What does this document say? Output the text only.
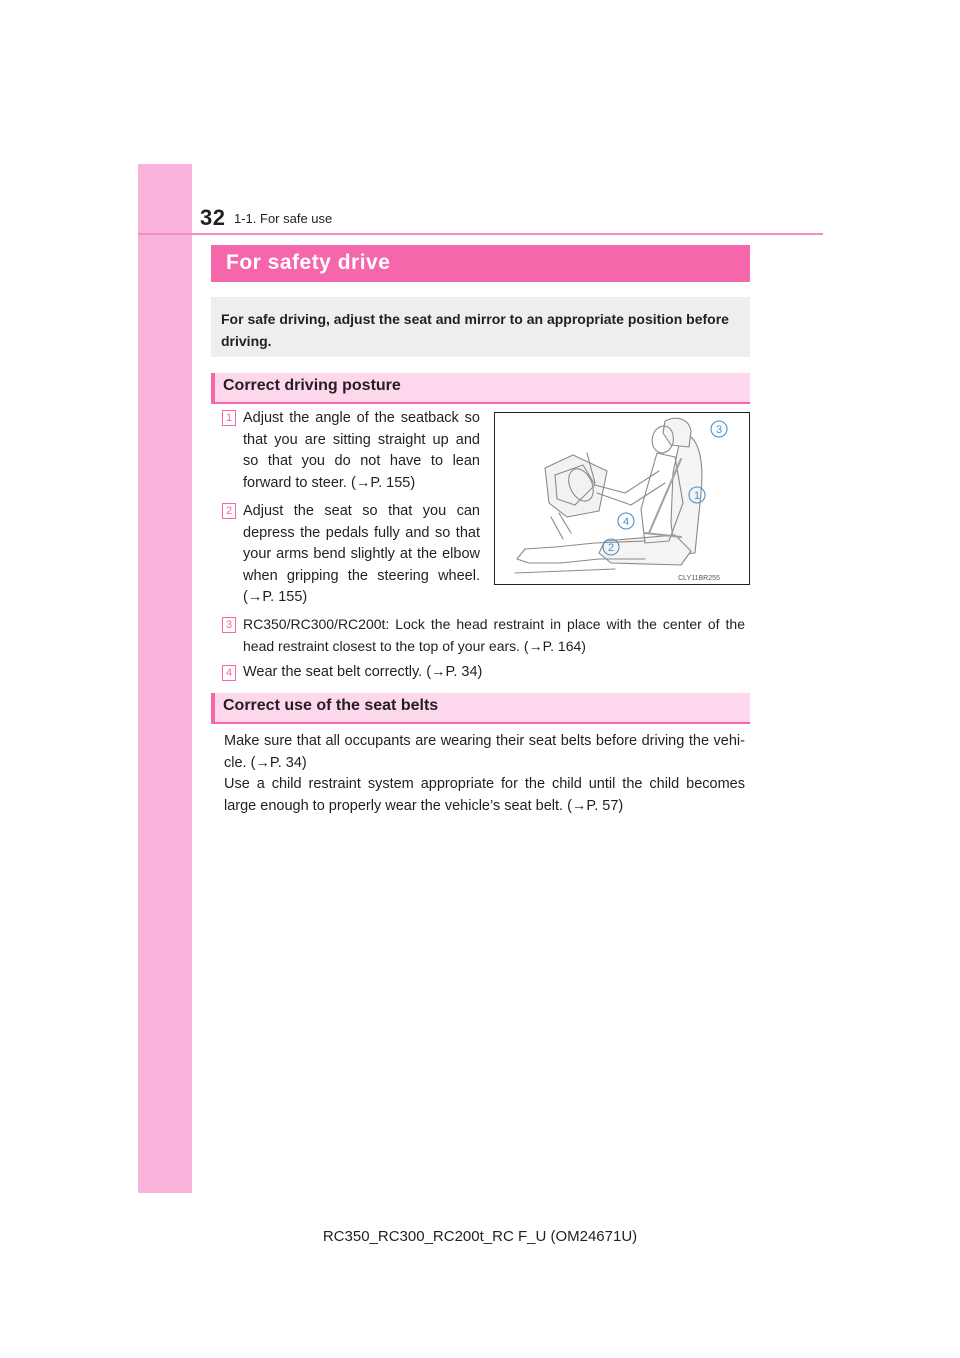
32 1-1. For safe use
For safety drive

For safe driving, adjust the seat and mirror to an appropriate position before driving.

Correct driving posture
1 Adjust the angle of the seatback so that you are sitting straight up and so that you do not have to lean forward to steer. (→P. 155)
2 Adjust the seat so that you can depress the pedals fully and so that your arms bend slightly at the elbow when gripping the steering wheel. (→P. 155)
3 RC350/RC300/RC200t: Lock the head restraint in place with the center of the head restraint closest to the top of your ears. (→P. 164)
4 Wear the seat belt correctly. (→P. 34)
3
1
4
2
CLY11BR255
Correct use of the seat belts

Make sure that all occupants are wearing their seat belts before driving the vehi-cle. (→P. 34)

Use a child restraint system appropriate for the child until the child becomes large enough to properly wear the vehicle’s seat belt. (→P. 57)

RC350_RC300_RC200t_RC F_U (OM24671U)
